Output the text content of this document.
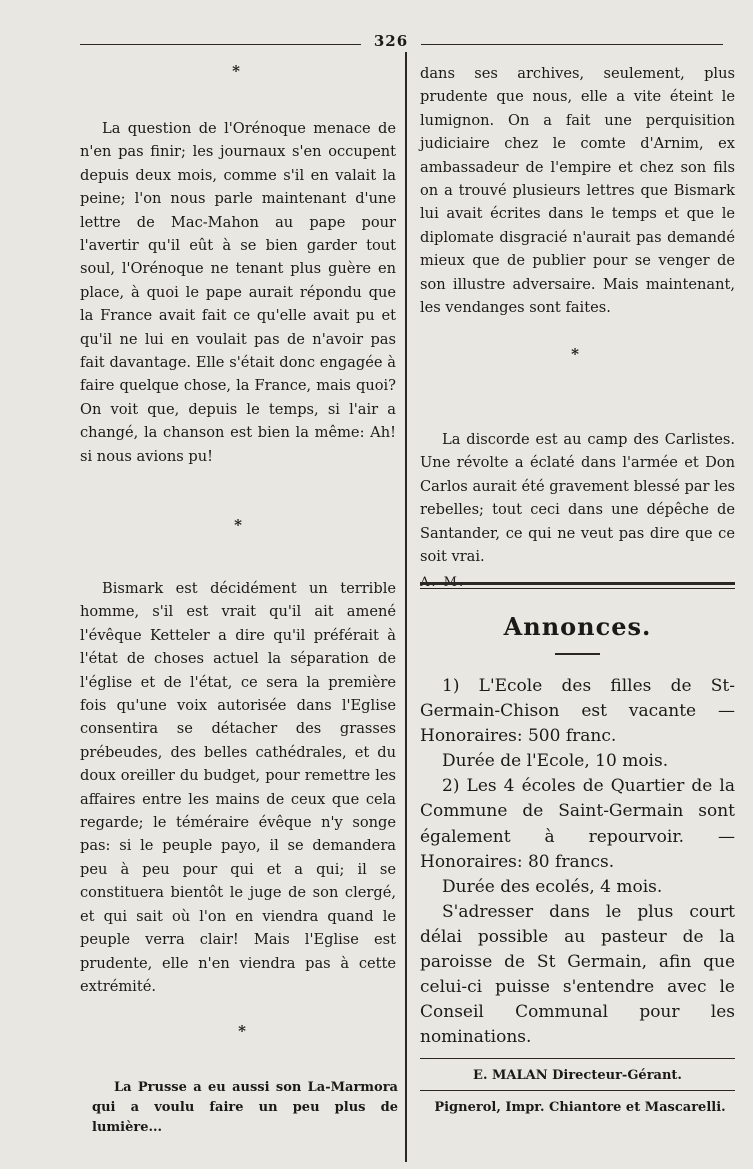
326
*

La question de l'Orénoque menace de n'en pas finir; les journaux s'en occupent depuis deux mois, comme s'il en valait la peine; l'on nous parle maintenant d'une lettre de Mac-Mahon au pape pour l'avertir qu'il eût à se bien garder tout soul, l'Orénoque ne tenant plus guère en place, à quoi le pape aurait répondu que la France avait fait ce qu'elle avait pu et qu'il ne lui en voulait pas de n'avoir pas fait davantage. Elle s'était donc engagée à faire quelque chose, la France, mais quoi? On voit que, depuis le temps, si l'air a changé, la chanson est bien la même: Ah! si nous avions pu!

*

Bismark est décidément un terrible homme, s'il est vrait qu'il ait amené l'évêque Ketteler a dire qu'il préférait à l'état de choses actuel la séparation de l'église et de l'état, ce sera la première fois qu'une voix autorisée dans l'Eglise consentira se détacher des grasses prébeudes, des belles cathédrales, et du doux oreiller du budget, pour remettre les affaires entre les mains de ceux que cela regarde; le téméraire évêque n'y songe pas: si le peuple payo, il se demandera peu à peu pour qui et a qui; il se constituera bientôt le juge de son clergé, et qui sait où l'on en viendra quand le peuple verra clair! Mais l'Eglise est prudente, elle n'en viendra pas à cette extrémité.

*

La Prusse a eu aussi son La-Marmora qui a voulu faire un peu plus de lumière...

dans ses archives, seulement, plus prudente que nous, elle a vite éteint le lumignon. On a fait une perquisition judiciaire chez le comte d'Arnim, ex ambassadeur de l'empire et chez son fils on a trouvé plusieurs lettres que Bismark lui avait écrites dans le temps et que le diplomate disgracié n'aurait pas demandé mieux que de publier pour se venger de son illustre adversaire. Mais maintenant, les vendanges sont faites.

*

La discorde est au camp des Carlistes. Une révolte a éclaté dans l'armée et Don Carlos aurait été gravement blessé par les rebelles; tout ceci dans une dépêche de Santander, ce qui ne veut pas dire que ce soit vrai.

A. M.

Annonces.

1) L'Ecole des filles de St-Germain-Chison est vacante — Honoraires: 500 franc.

Durée de l'Ecole, 10 mois.

2) Les 4 écoles de Quartier de la Commune de Saint-Germain sont également à repourvoir. — Honoraires: 80 francs.

Durée des ecolés, 4 mois.

S'adresser dans le plus court délai possible au pasteur de la paroisse de St Germain, afin que celui-ci puisse s'entendre avec le Conseil Communal pour les nominations.

E. MALAN Directeur-Gérant.
Pignerol, Impr. Chiantore et Mascarelli.
